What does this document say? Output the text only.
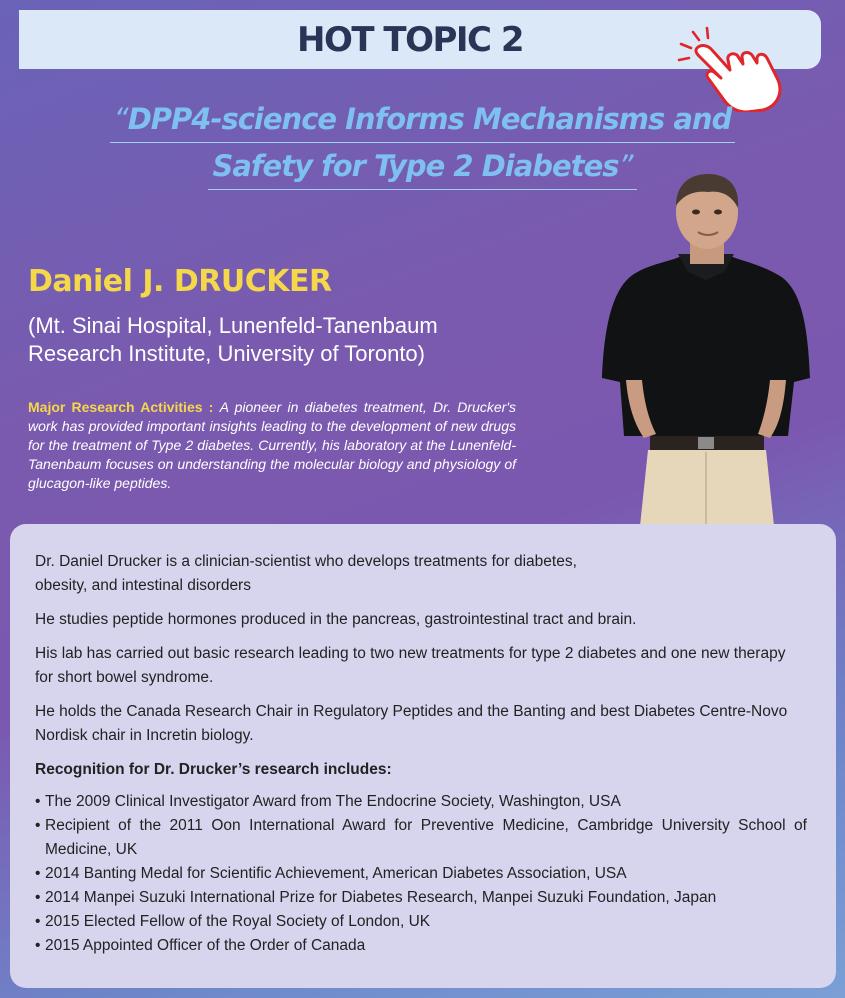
HOT TOPIC 2
“DPP4-science Informs Mechanisms and
Safety for Type 2 Diabetes”
Daniel J. DRUCKER
(Mt. Sinai Hospital, Lunenfeld-Tanenbaum
Research Institute, University of Toronto)
Major Research Activities : A pioneer in diabetes treatment, Dr. Drucker's work has provided important insights leading to the development of new drugs for the treatment of Type 2 diabetes. Currently, his laboratory at the Lunenfeld-Tanenbaum focuses on understanding the molecular biology and physiology of glucagon-like peptides.

Dr. Daniel Drucker is a clinician-scientist who develops treatments for diabetes,
obesity, and intestinal disorders

He studies peptide hormones produced in the pancreas, gastrointestinal tract and brain.

His lab has carried out basic research leading to two new treatments for type 2 diabetes and one new therapy for short bowel syndrome.

He holds the Canada Research Chair in Regulatory Peptides and the Banting and best Diabetes Centre-Novo Nordisk chair in Incretin biology.

Recognition for Dr. Drucker’s research includes:
• The 2009 Clinical Investigator Award from The Endocrine Society, Washington, USA
• Recipient of the 2011 Oon International Award for Preventive Medicine, Cambridge University School of Medicine, UK
• 2014 Banting Medal for Scientific Achievement, American Diabetes Association, USA
• 2014 Manpei Suzuki International Prize for Diabetes Research, Manpei Suzuki Foundation, Japan
• 2015 Elected Fellow of the Royal Society of London, UK
• 2015 Appointed Officer of the Order of Canada
